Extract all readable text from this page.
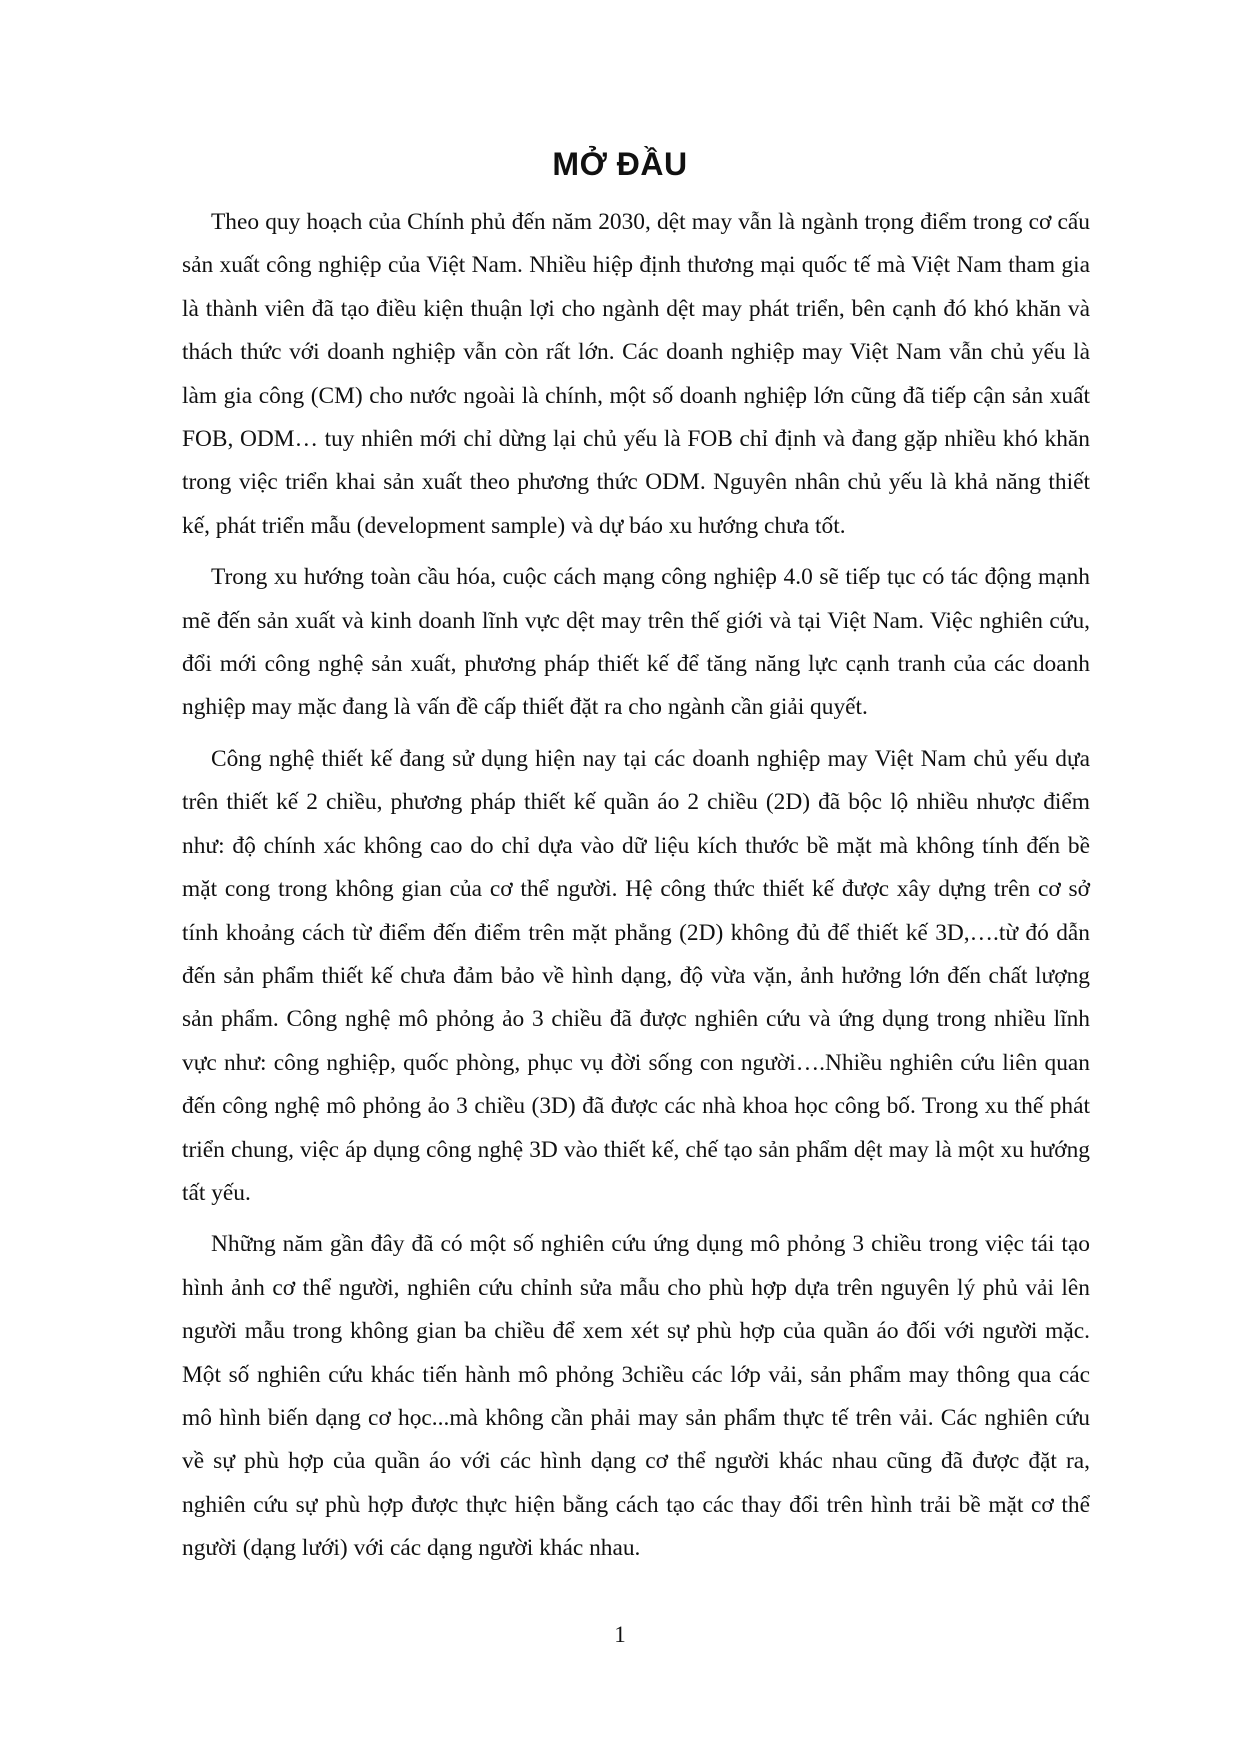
MỞ ĐẦU

Theo quy hoạch của Chính phủ đến năm 2030, dệt may vẫn là ngành trọng điểm trong cơ cấu sản xuất công nghiệp của Việt Nam. Nhiều hiệp định thương mại quốc tế mà Việt Nam tham gia là thành viên đã tạo điều kiện thuận lợi cho ngành dệt may phát triển, bên cạnh đó khó khăn và thách thức với doanh nghiệp vẫn còn rất lớn. Các doanh nghiệp may Việt Nam vẫn chủ yếu là làm gia công (CM) cho nước ngoài là chính, một số doanh nghiệp lớn cũng đã tiếp cận sản xuất FOB, ODM… tuy nhiên mới chỉ dừng lại chủ yếu là FOB chỉ định và đang gặp nhiều khó khăn trong việc triển khai sản xuất theo phương thức ODM. Nguyên nhân chủ yếu là khả năng thiết kế, phát triển mẫu (development sample) và dự báo xu hướng chưa tốt.

Trong xu hướng toàn cầu hóa, cuộc cách mạng công nghiệp 4.0 sẽ tiếp tục có tác động mạnh mẽ đến sản xuất và kinh doanh lĩnh vực dệt may trên thế giới và tại Việt Nam. Việc nghiên cứu, đổi mới công nghệ sản xuất, phương pháp thiết kế để tăng năng lực cạnh tranh của các doanh nghiệp may mặc đang là vấn đề cấp thiết đặt ra cho ngành cần giải quyết.

Công nghệ thiết kế đang sử dụng hiện nay tại các doanh nghiệp may Việt Nam chủ yếu dựa trên thiết kế 2 chiều, phương pháp thiết kế quần áo 2 chiều (2D) đã bộc lộ nhiều nhược điểm như: độ chính xác không cao do chỉ dựa vào dữ liệu kích thước bề mặt mà không tính đến bề mặt cong trong không gian của cơ thể người. Hệ công thức thiết kế được xây dựng trên cơ sở tính khoảng cách từ điểm đến điểm trên mặt phẳng (2D) không đủ để thiết kế 3D,….từ đó dẫn đến sản phẩm thiết kế chưa đảm bảo về hình dạng, độ vừa vặn, ảnh hưởng lớn đến chất lượng sản phẩm. Công nghệ mô phỏng ảo 3 chiều đã được nghiên cứu và ứng dụng trong nhiều lĩnh vực như: công nghiệp, quốc phòng, phục vụ đời sống con người….Nhiều nghiên cứu liên quan đến công nghệ mô phỏng ảo 3 chiều (3D) đã được các nhà khoa học công bố. Trong xu thế phát triển chung, việc áp dụng công nghệ 3D vào thiết kế, chế tạo sản phẩm dệt may là một xu hướng tất yếu.

Những năm gần đây đã có một số nghiên cứu ứng dụng mô phỏng 3 chiều trong việc tái tạo hình ảnh cơ thể người, nghiên cứu chỉnh sửa mẫu cho phù hợp dựa trên nguyên lý phủ vải lên người mẫu trong không gian ba chiều để xem xét sự phù hợp của quần áo đối với người mặc. Một số nghiên cứu khác tiến hành mô phỏng 3chiều các lớp vải, sản phẩm may thông qua các mô hình biến dạng cơ học...mà không cần phải may sản phẩm thực tế trên vải. Các nghiên cứu về sự phù hợp của quần áo với các hình dạng cơ thể người khác nhau cũng đã được đặt ra, nghiên cứu sự phù hợp được thực hiện bằng cách tạo các thay đổi trên hình trải bề mặt cơ thể người (dạng lưới) với các dạng người khác nhau.

1
